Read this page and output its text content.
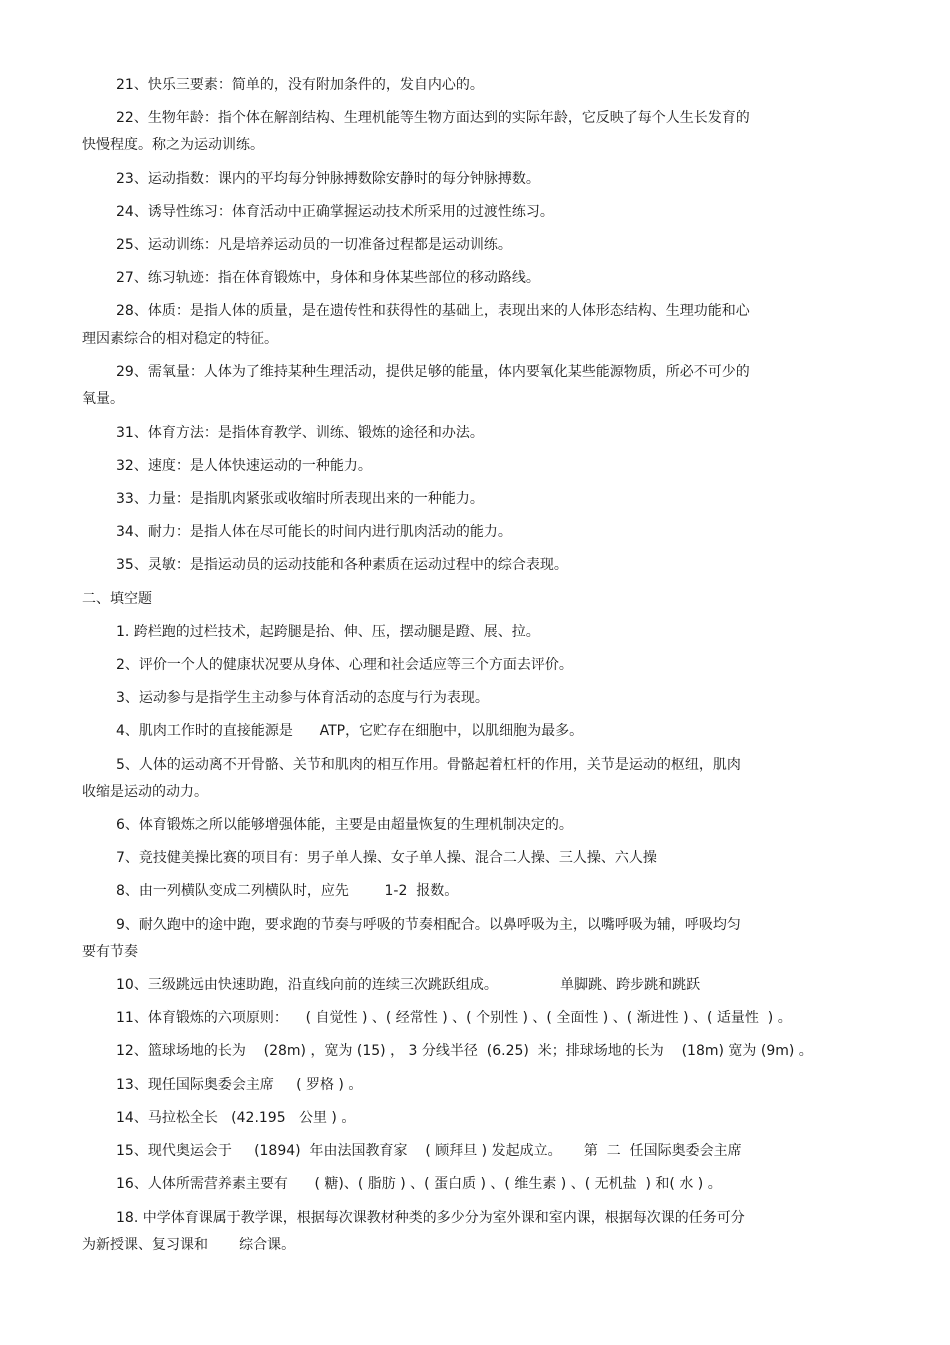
21、快乐三要素：简单的，没有附加条件的，发自内心的。
22、生物年龄：指个体在解剖结构、生理机能等生物方面达到的实际年龄，它反映了每个人生长发育的
快慢程度。称之为运动训练。
23、运动指数：课内的平均每分钟脉搏数除安静时的每分钟脉搏数。
24、诱导性练习：体育活动中正确掌握运动技术所采用的过渡性练习。
25、运动训练：凡是培养运动员的一切准备过程都是运动训练。
27、练习轨迹：指在体育锻炼中，身体和身体某些部位的移动路线。
28、体质：是指人体的质量，是在遗传性和获得性的基础上，表现出来的人体形态结构、生理功能和心
理因素综合的相对稳定的特征。
29、需氧量：人体为了维持某种生理活动，提供足够的能量，体内要氧化某些能源物质，所必不可少的
氧量。
31、体育方法：是指体育教学、训练、锻炼的途径和办法。
32、速度：是人体快速运动的一种能力。
33、力量：是指肌肉紧张或收缩时所表现出来的一种能力。
34、耐力：是指人体在尽可能长的时间内进行肌肉活动的能力。
35、灵敏：是指运动员的运动技能和各种素质在运动过程中的综合表现。
二、填空题
1. 跨栏跑的过栏技术，起跨腿是抬、伸、压，摆动腿是蹬、展、拉。
2、评价一个人的健康状况要从身体、心理和社会适应等三个方面去评价。
3、运动参与是指学生主动参与体育活动的态度与行为表现。
4、肌肉工作时的直接能源是      ATP，它贮存在细胞中，以肌细胞为最多。
5、人体的运动离不开骨骼、关节和肌肉的相互作用。骨骼起着杠杆的作用，关节是运动的枢纽，肌肉
收缩是运动的动力。
6、体育锻炼之所以能够增强体能，主要是由超量恢复的生理机制决定的。
7、竞技健美操比赛的项目有：男子单人操、女子单人操、混合二人操、三人操、六人操
8、由一列横队变成二列横队时，应先        1-2  报数。
9、耐久跑中的途中跑，要求跑的节奏与呼吸的节奏相配合。以鼻呼吸为主，以嘴呼吸为辅，呼吸均匀
要有节奏
10、三级跳远由快速助跑，沿直线向前的连续三次跳跃组成。              单脚跳、跨步跳和跳跃
11、体育锻炼的六项原则：    ( 自觉性 ) 、( 经常性 ) 、( 个别性 ) 、( 全面性 ) 、( 渐进性 ) 、( 适量性  ) 。
12、篮球场地的长为    (28m) ，宽为 (15) ， 3 分线半径  (6.25)  米；排球场地的长为    (18m) 宽为 (9m) 。
13、现任国际奥委会主席     ( 罗格 ) 。
14、马拉松全长   (42.195   公里 ) 。
15、现代奥运会于     (1894)  年由法国教育家    ( 顾拜旦 ) 发起成立。     第  二  任国际奥委会主席
16、人体所需营养素主要有      ( 糖)、( 脂肪 ) 、( 蛋白质 ) 、( 维生素 ) 、( 无机盐  ) 和( 水 ) 。
18. 中学体育课属于教学课，根据每次课教材种类的多少分为室外课和室内课，根据每次课的任务可分
为新授课、复习课和       综合课。
